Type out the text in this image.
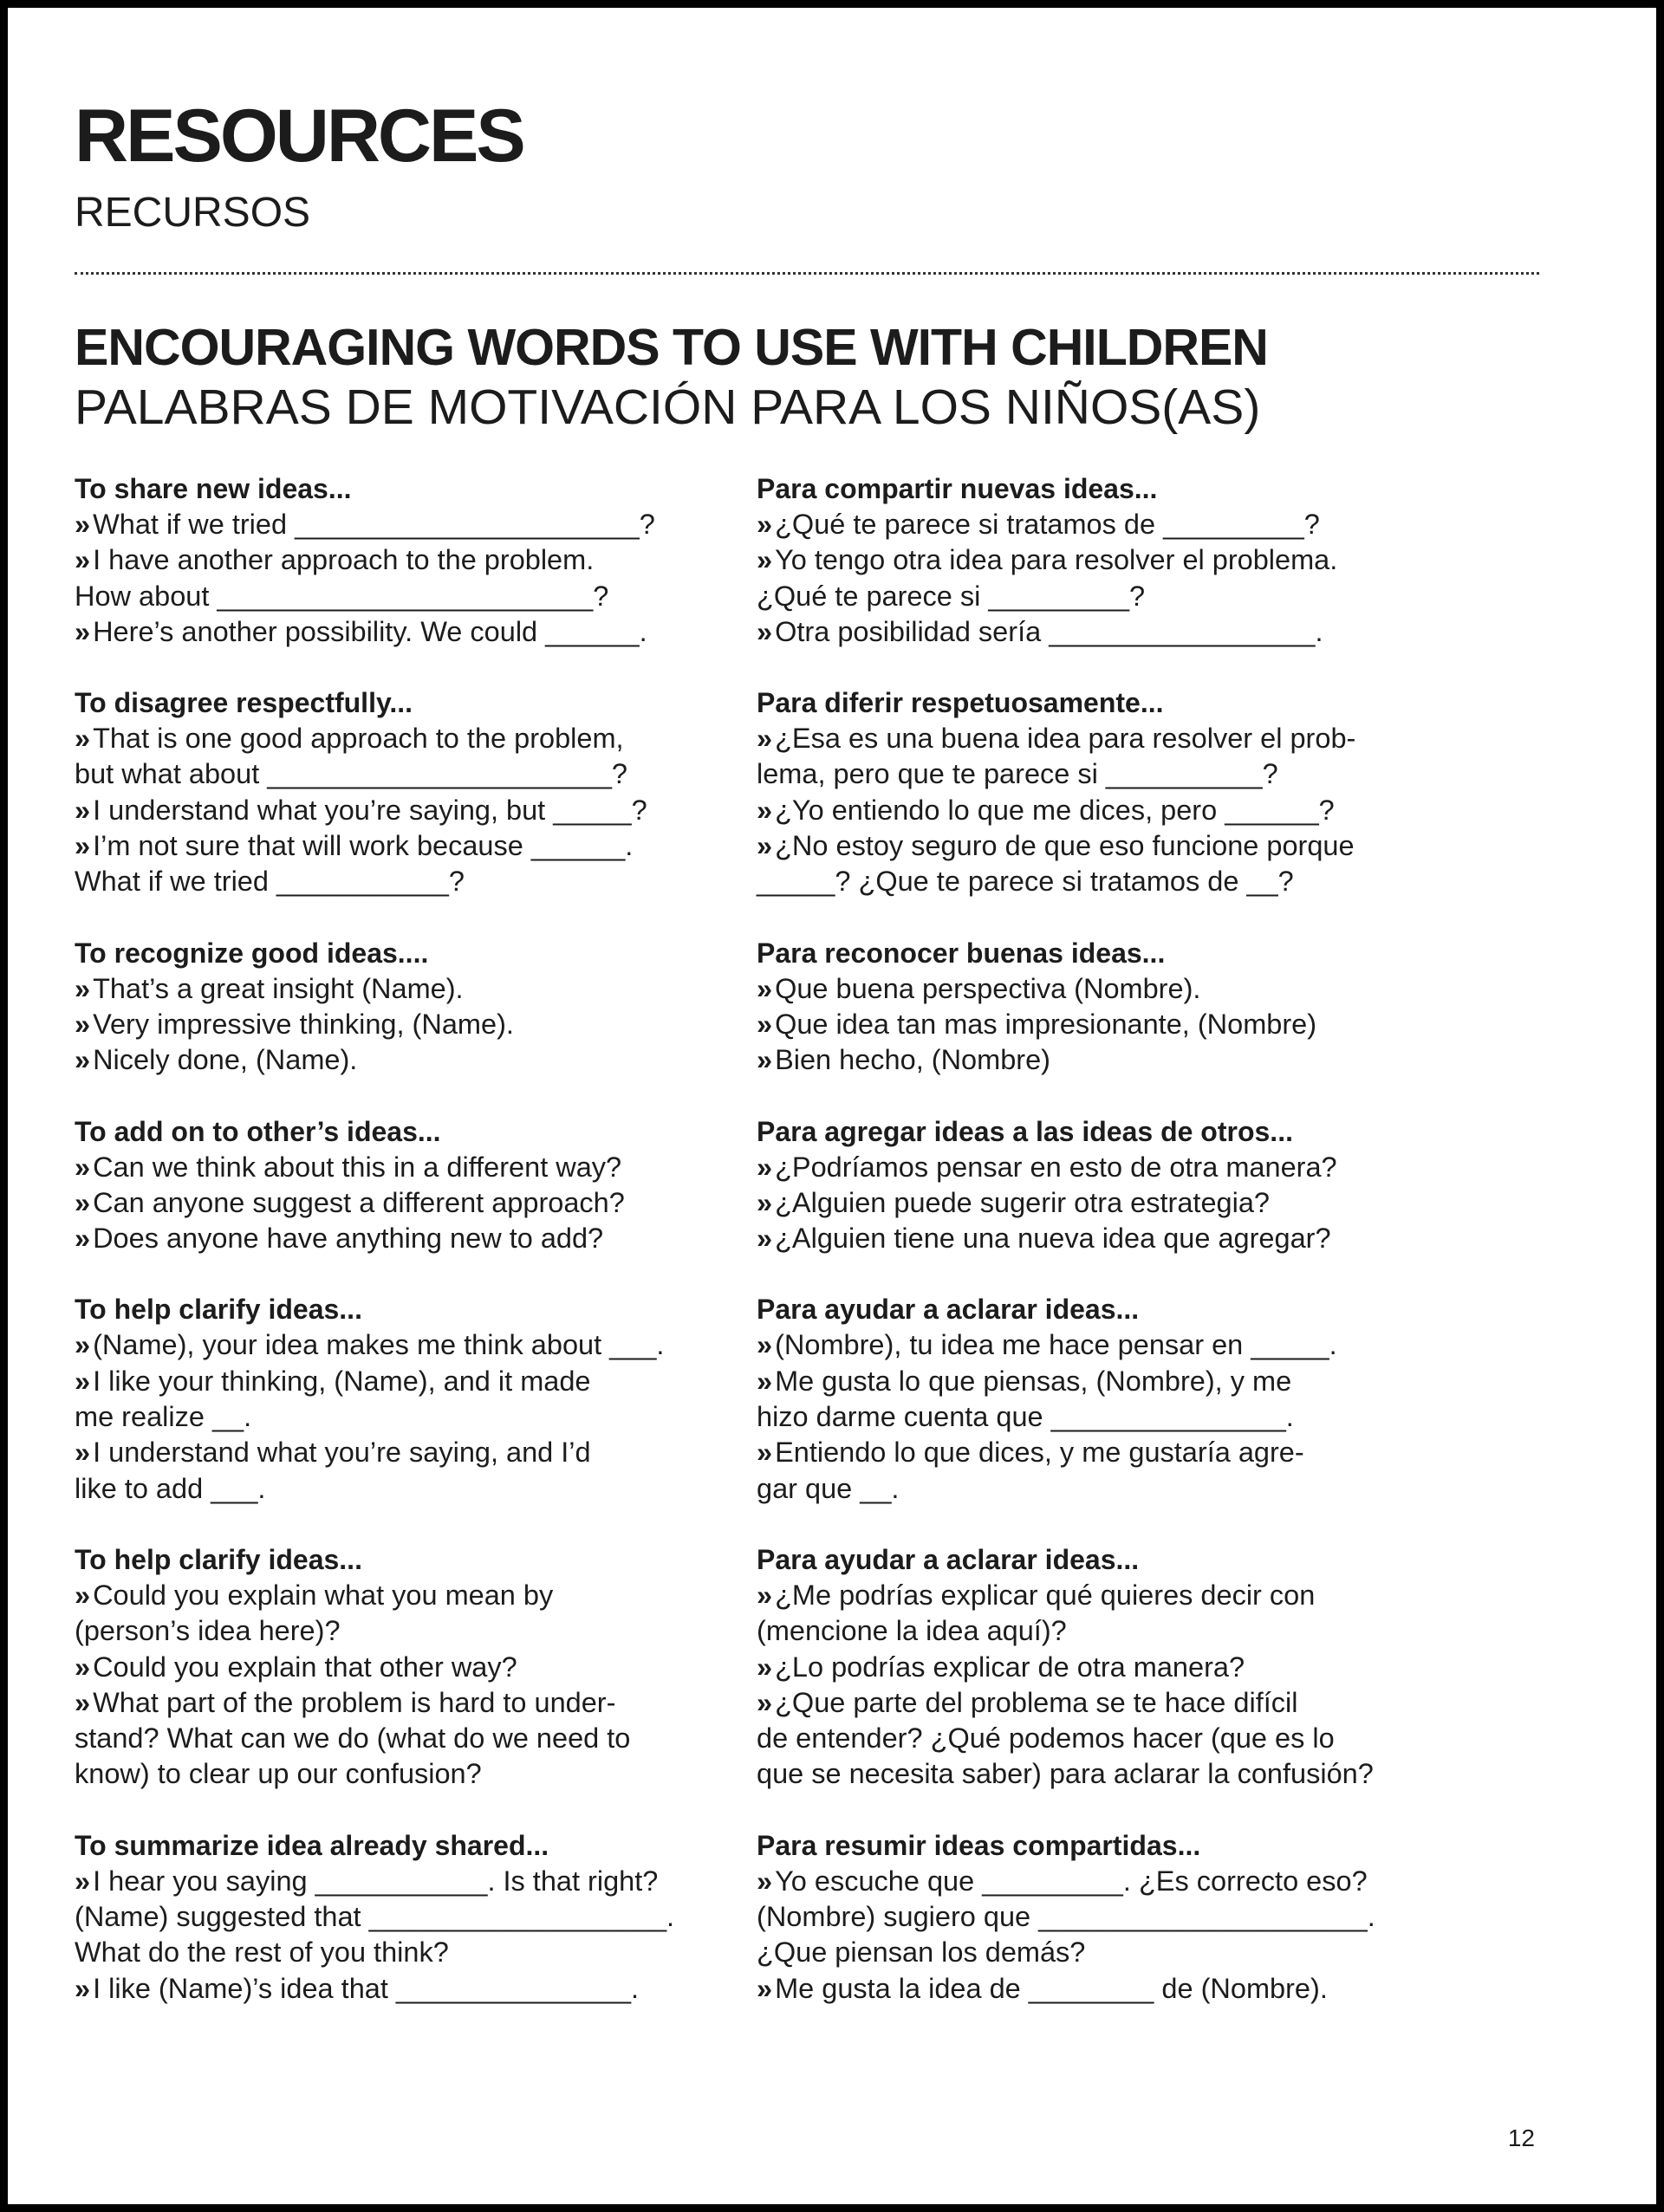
RESOURCES
RECURSOS
ENCOURAGING WORDS TO USE WITH CHILDREN
PALABRAS DE MOTIVACIÓN PARA LOS NIÑOS(AS)
To share new ideas...
»What if we tried ______________________?
»I have another approach to the problem.
How about ________________________?
»Here’s another possibility. We could ______.
To disagree respectfully...
»That is one good approach to the problem,
but what about ______________________?
»I understand what you’re saying, but _____?
»I’m not sure that will work because ______.
What if we tried ___________?
To recognize good ideas....
»That’s a great insight (Name).
»Very impressive thinking, (Name).
»Nicely done, (Name).
To add on to other’s ideas...
»Can we think about this in a different way?
»Can anyone suggest a different approach?
»Does anyone have anything new to add?
To help clarify ideas...
»(Name), your idea makes me think about ___.
»I like your thinking, (Name), and it made
me realize __.
»I understand what you’re saying, and I’d
like to add ___.
To help clarify ideas...
»Could you explain what you mean by
(person’s idea here)?
»Could you explain that other way?
»What part of the problem is hard to under-
stand? What can we do (what do we need to
know) to clear up our confusion?
To summarize idea already shared...
»I hear you saying ___________. Is that right?
(Name) suggested that ___________________.
What do the rest of you think?
»I like (Name)’s idea that _______________.
Para compartir nuevas ideas...
»¿Qué te parece si tratamos de _________?
»Yo tengo otra idea para resolver el problema.
¿Qué te parece si _________?
»Otra posibilidad sería _________________.
Para diferir respetuosamente...
»¿Esa es una buena idea para resolver el prob-
lema, pero que te parece si __________?
»¿Yo entiendo lo que me dices, pero ______?
»¿No estoy seguro de que eso funcione porque
_____? ¿Que te parece si tratamos de __?
Para reconocer buenas ideas...
»Que buena perspectiva (Nombre).
»Que idea tan mas impresionante, (Nombre)
»Bien hecho, (Nombre)
Para agregar ideas a las ideas de otros...
»¿Podríamos pensar en esto de otra manera?
»¿Alguien puede sugerir otra estrategia?
»¿Alguien tiene una nueva idea que agregar?
Para ayudar a aclarar ideas...
»(Nombre), tu idea me hace pensar en _____.
»Me gusta lo que piensas, (Nombre), y me
hizo darme cuenta que _______________.
»Entiendo lo que dices, y me gustaría agre-
gar que __.
Para ayudar a aclarar ideas...
»¿Me podrías explicar qué quieres decir con
(mencione la idea aquí)?
»¿Lo podrías explicar de otra manera?
»¿Que parte del problema se te hace difícil
de entender? ¿Qué podemos hacer (que es lo
que se necesita saber) para aclarar la confusión?
Para resumir ideas compartidas...
»Yo escuche que _________. ¿Es correcto eso?
(Nombre) sugiero que _____________________.
¿Que piensan los demás?
»Me gusta la idea de ________ de (Nombre).
12
